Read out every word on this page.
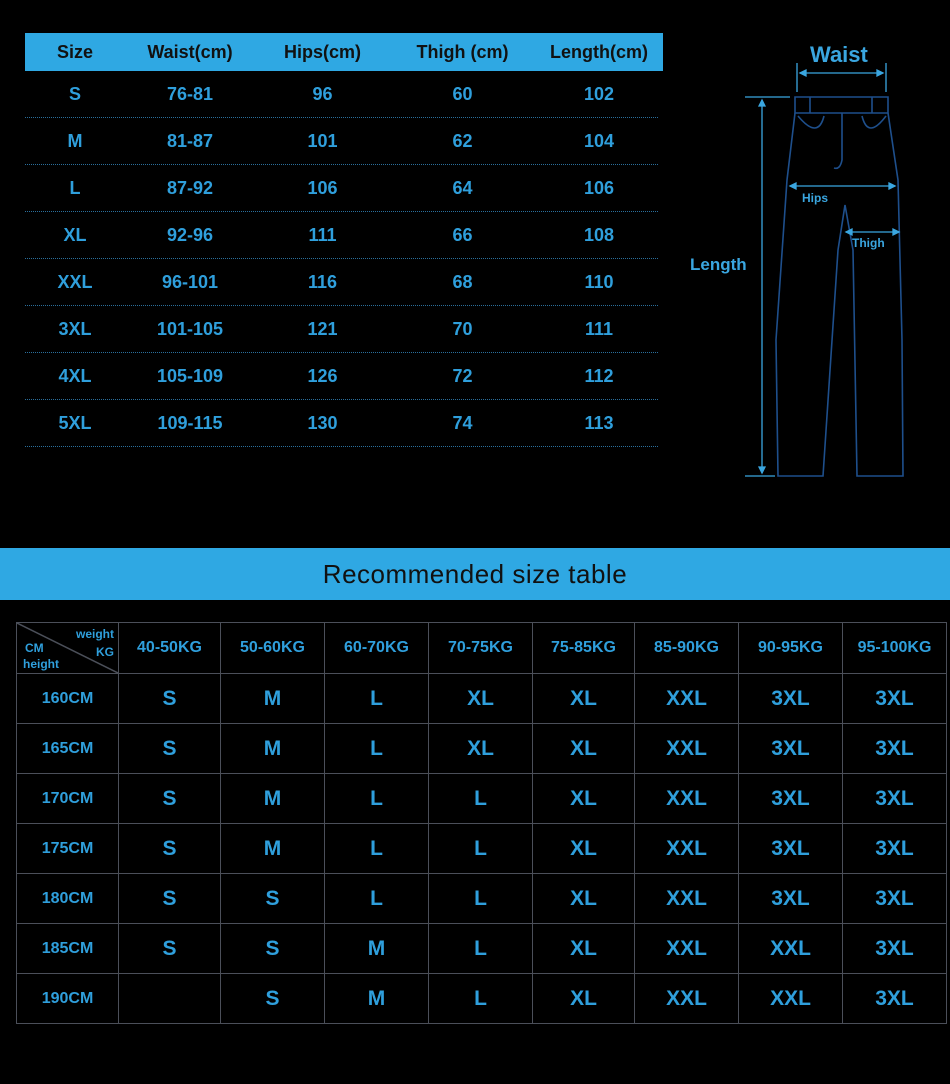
Size	Waist(cm)	Hips(cm)	Thigh (cm)	Length(cm)
S	76-81	96	60	102
M	81-87	101	62	104
L	87-92	106	64	106
XL	92-96	111	66	108
XXL	96-101	116	68	110
3XL	101-105	121	70	111
4XL	105-109	126	72	112
5XL	109-115	130	74	113
Waist
Hips
Thigh
Length
Recommended size table
weight
KG
CM
height	40-50KG	50-60KG	60-70KG	70-75KG	75-85KG	85-90KG	90-95KG	95-100KG
160CM	S	M	L	XL	XL	XXL	3XL	3XL
165CM	S	M	L	XL	XL	XXL	3XL	3XL
170CM	S	M	L	L	XL	XXL	3XL	3XL
175CM	S	M	L	L	XL	XXL	3XL	3XL
180CM	S	S	L	L	XL	XXL	3XL	3XL
185CM	S	S	M	L	XL	XXL	XXL	3XL
190CM		S	M	L	XL	XXL	XXL	3XL
